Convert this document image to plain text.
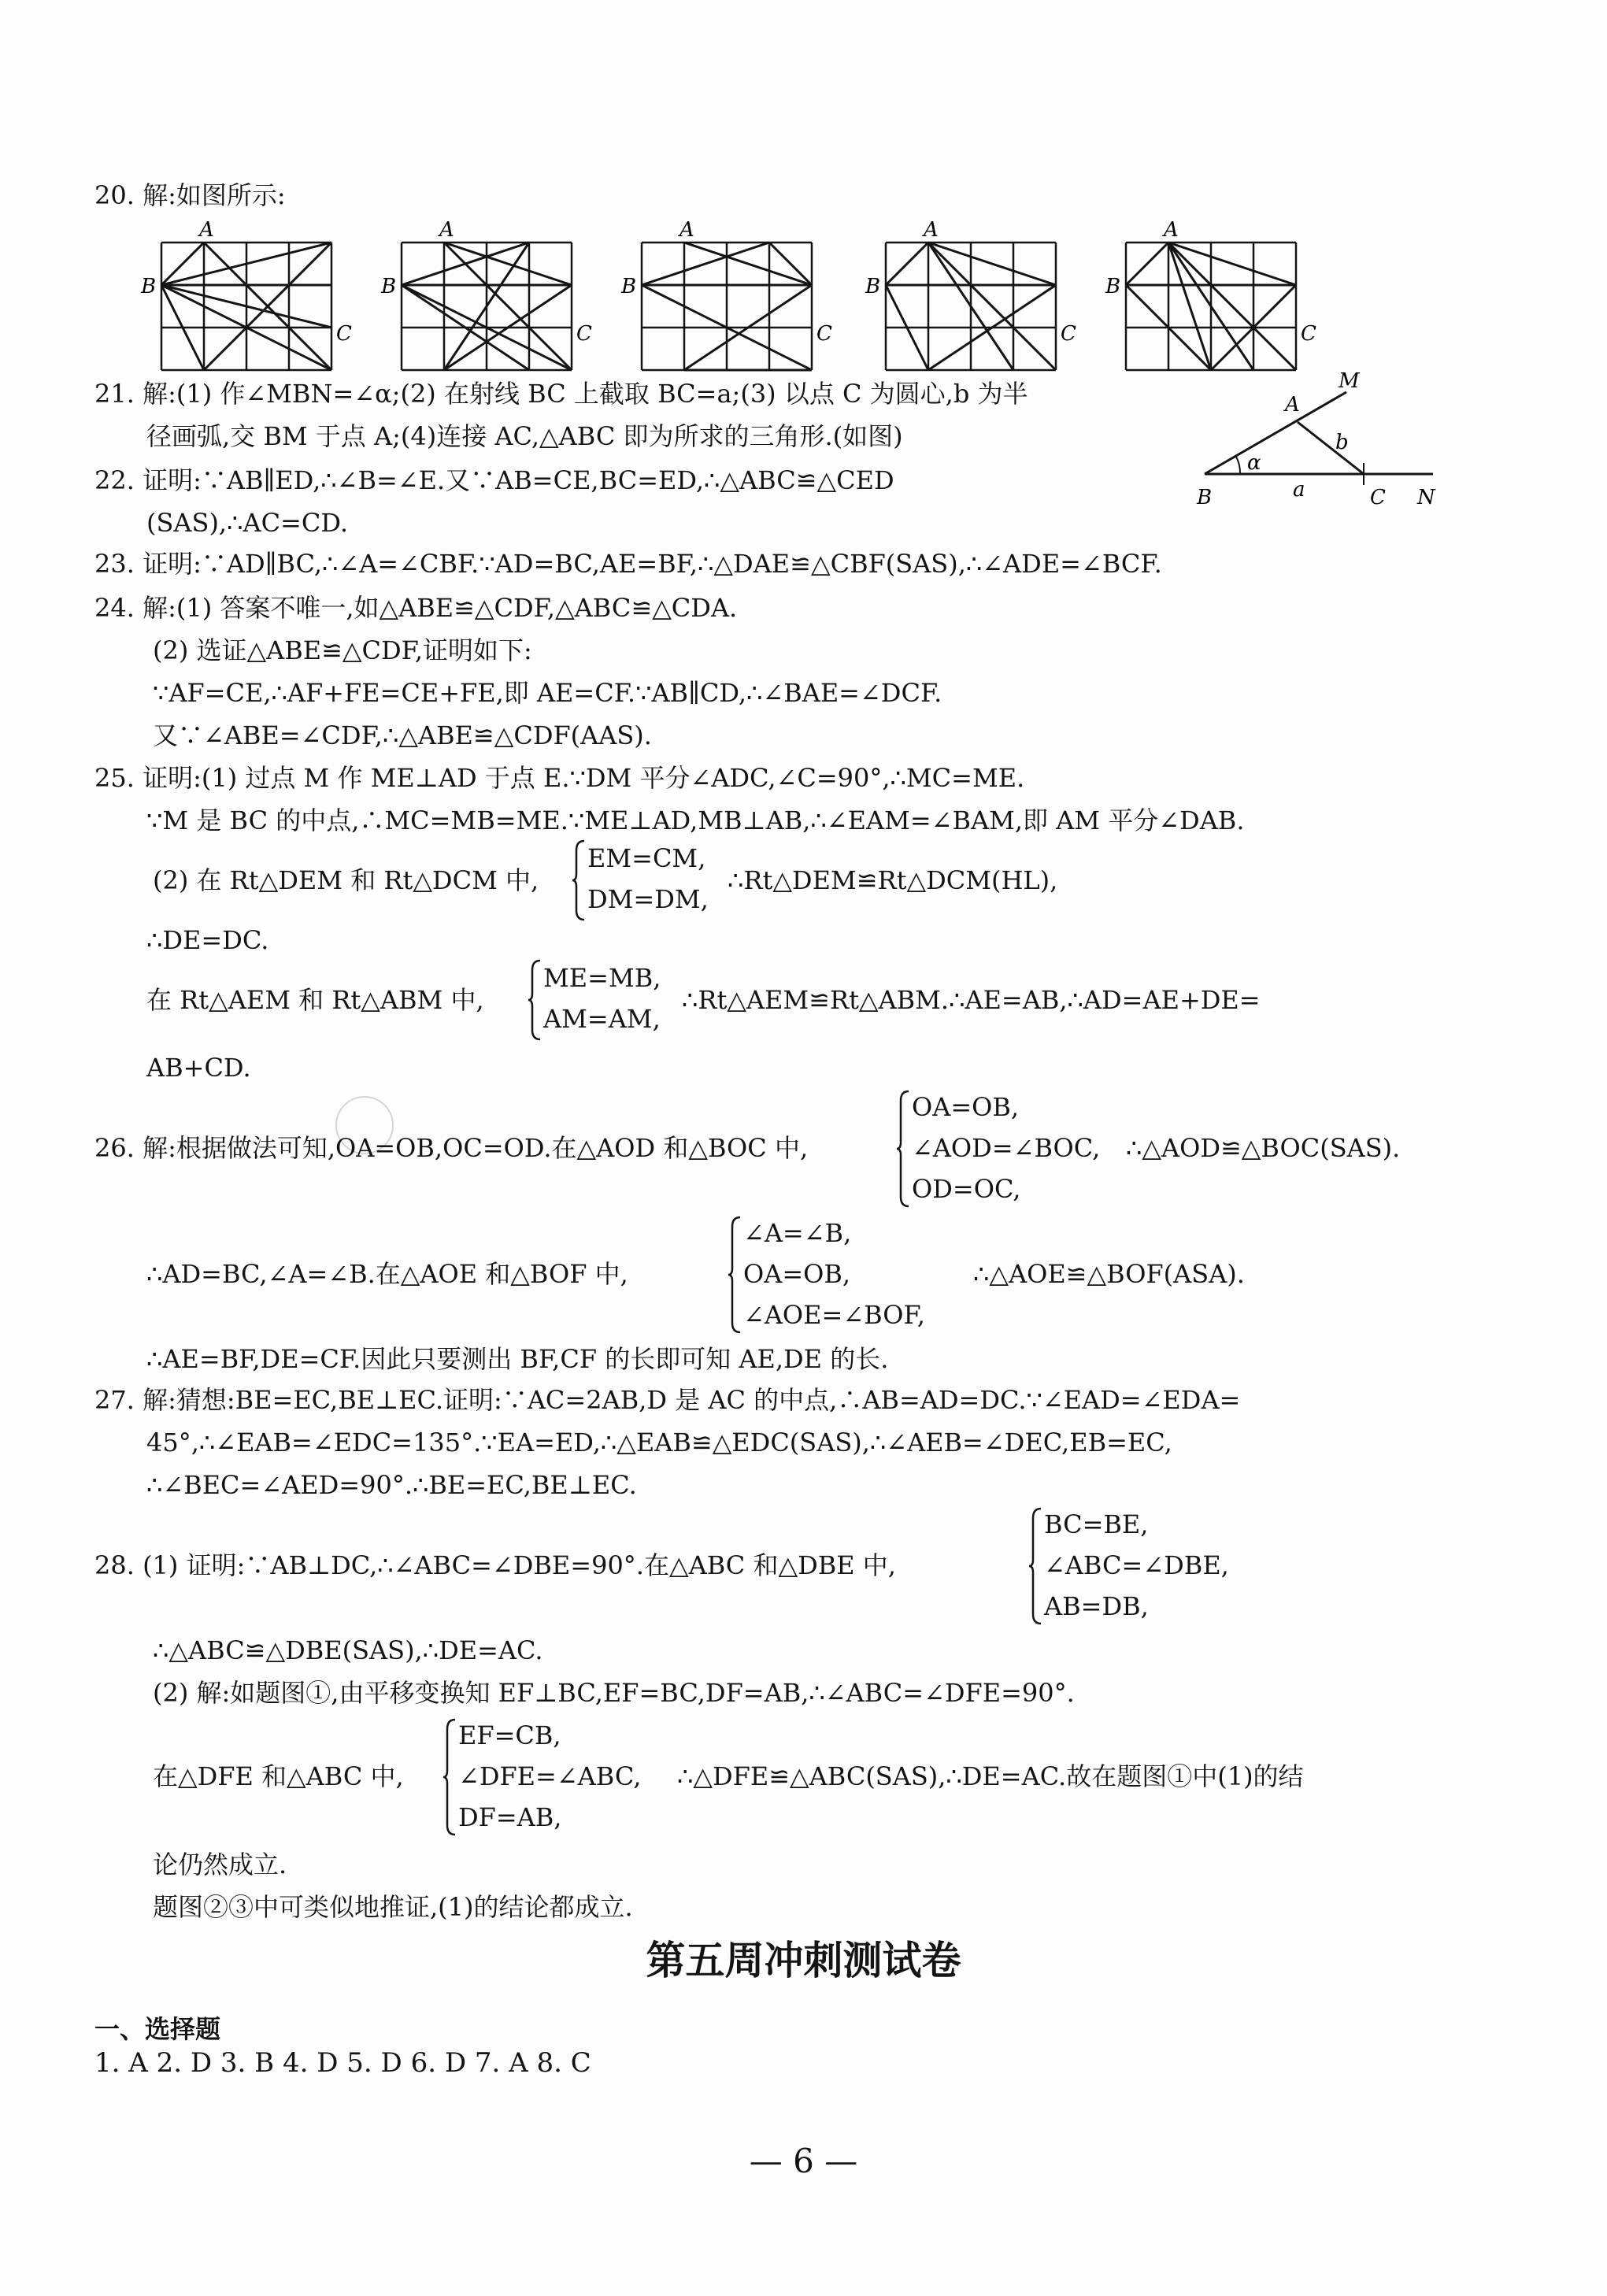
20. 解:如图所示:
A
B
C
A
B
C
A
B
C
A
B
C
A
B
C
21. 解:(1) 作∠MBN=∠α;(2) 在射线 BC 上截取 BC=a;(3) 以点 C 为圆心,b 为半
径画弧,交 BM 于点 A;(4)连接 AC,△ABC 即为所求的三角形.(如图)
A
M
b
α
B	a	C N
22. 证明:∵AB∥ED,∴∠B=∠E.又∵AB=CE,BC=ED,∴△ABC≌△CED
(SAS),∴AC=CD.
23. 证明:∵AD∥BC,∴∠A=∠CBF.∵AD=BC,AE=BF,∴△DAE≌△CBF(SAS),∴∠ADE=∠BCF.
24. 解:(1) 答案不唯一,如△ABE≌△CDF,△ABC≌△CDA.
(2) 选证△ABE≌△CDF,证明如下:
∵AF=CE,∴AF+FE=CE+FE,即 AE=CF.∵AB∥CD,∴∠BAE=∠DCF.
又∵∠ABE=∠CDF,∴△ABE≌△CDF(AAS).
25. 证明:(1) 过点 M 作 ME⊥AD 于点 E.∵DM 平分∠ADC,∠C=90°,∴MC=ME.
∵M 是 BC 的中点,∴MC=MB=ME.∵ME⊥AD,MB⊥AB,∴∠EAM=∠BAM,即 AM 平分∠DAB.
(2) 在 Rt△DEM 和 Rt△DCM 中,
EM=CM,
DM=DM,
∴Rt△DEM≌Rt△DCM(HL),
∴DE=DC.
在 Rt△AEM 和 Rt△ABM 中,
ME=MB,
AM=AM,
∴Rt△AEM≌Rt△ABM.∴AE=AB,∴AD=AE+DE=
AB+CD.
26. 解:根据做法可知,OA=OB,OC=OD.在△AOD 和△BOC 中,
OA=OB,
∠AOD=∠BOC,
OD=OC,
∴△AOD≌△BOC(SAS).
∴AD=BC,∠A=∠B.在△AOE 和△BOF 中,
∠A=∠B,
OA=OB,
∠AOE=∠BOF,
∴△AOE≌△BOF(ASA).
∴AE=BF,DE=CF.因此只要测出 BF,CF 的长即可知 AE,DE 的长.
27. 解:猜想:BE=EC,BE⊥EC.证明:∵AC=2AB,D 是 AC 的中点,∴AB=AD=DC.∵∠EAD=∠EDA=
45°,∴∠EAB=∠EDC=135°.∵EA=ED,∴△EAB≌△EDC(SAS),∴∠AEB=∠DEC,EB=EC,
∴∠BEC=∠AED=90°.∴BE=EC,BE⊥EC.
28. (1) 证明:∵AB⊥DC,∴∠ABC=∠DBE=90°.在△ABC 和△DBE 中,
BC=BE,
∠ABC=∠DBE,
AB=DB,
∴△ABC≌△DBE(SAS),∴DE=AC.
(2) 解:如题图①,由平移变换知 EF⊥BC,EF=BC,DF=AB,∴∠ABC=∠DFE=90°.
在△DFE 和△ABC 中,
EF=CB,
∠DFE=∠ABC,
DF=AB,
∴△DFE≌△ABC(SAS),∴DE=AC.故在题图①中(1)的结
论仍然成立.
题图②③中可类似地推证,(1)的结论都成立.
第五周冲刺测试卷
一、选择题
1. A 2. D 3. B 4. D 5. D 6. D 7. A 8. C
— 6 —
